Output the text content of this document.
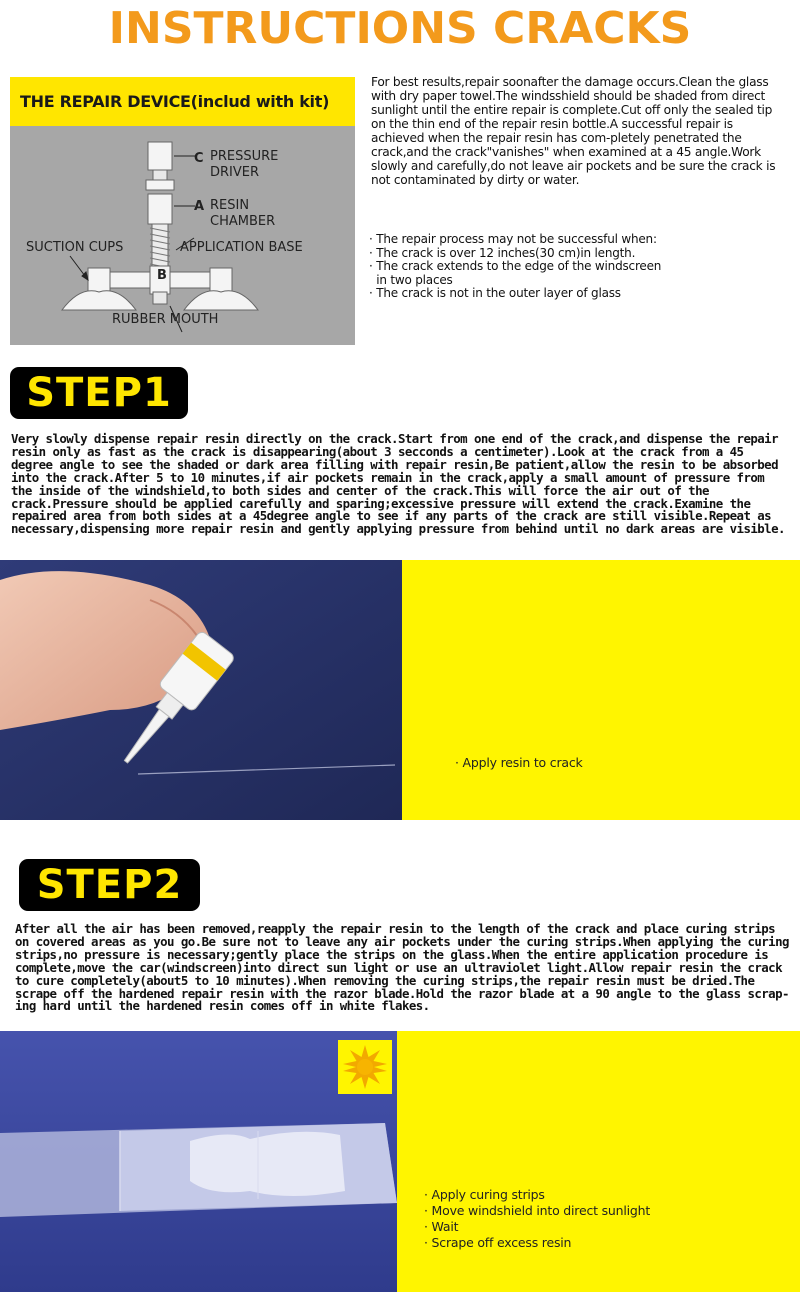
INSTRUCTIONS CRACKS
THE REPAIR DEVICE(includ with kit)
C PRESSURE
DRIVER
A RESIN
CHAMBER
SUCTION CUPS	APPLICATION BASE
B
RUBBER MOUTH
For best results,repair soonafter the damage occurs.Clean the glass with dry paper towel.The windsshield should be shaded from direct sunlight until the entire repair is complete.Cut off only the sealed tip on the thin end of the repair resin bottle.A successful repair is achieved when the repair resin has com-pletely penetrated the crack,and the crack"vanishes" when examined at a 45 angle.Work slowly and carefully,do not leave air pockets and be sure the crack is not contaminated by dirty or water.
· The repair process may not be successful when:
· The crack is over 12 inches(30 cm)in length.
· The crack extends to the edge of the windscreen
in two places
· The crack is not in the outer layer of glass
STEP1
Very slowly dispense repair resin directly on the crack.Start from one end of the crack,and dispense the repair resin only as fast as the crack is disappearing(about 3 secconds a centimeter).Look at the crack from a 45 degree angle to see the shaded or dark area filling with repair resin,Be patient,allow the resin to be absorbed into the crack.After 5 to 10 minutes,if air pockets remain in the crack,apply a small amount of pressure from the inside of the windshield,to both sides and center of the crack.This will force the air out of the crack.Pressure should be applied carefully and sparing;excessive pressure will extend the crack.Examine the repaired area from both sides at a 45degree angle to see if any parts of the crack are still visible.Repeat as necessary,dispensing more repair resin and gently applying pressure from behind until no dark areas are visible.
· Apply resin to crack
STEP2
After all the air has been removed,reapply the repair resin to the length of the crack and place curing strips on covered areas as you go.Be sure not to leave any air pockets under the curing strips.When applying the curing strips,no pressure is necessary;gently place the strips on the glass.When the entire application procedure is complete,move the car(windscreen)into direct sun light or use an ultraviolet light.Allow repair resin the crack to cure completely(about5 to 10 minutes).When removing the curing strips,the repair resin must be dried.The scrape off the hardened repair resin with the razor blade.Hold the razor blade at a 90 angle to the glass scrap-ing hard until the hardened resin comes off in white flakes.
· Apply curing strips
· Move windshield into direct sunlight
· Wait
· Scrape off excess resin
